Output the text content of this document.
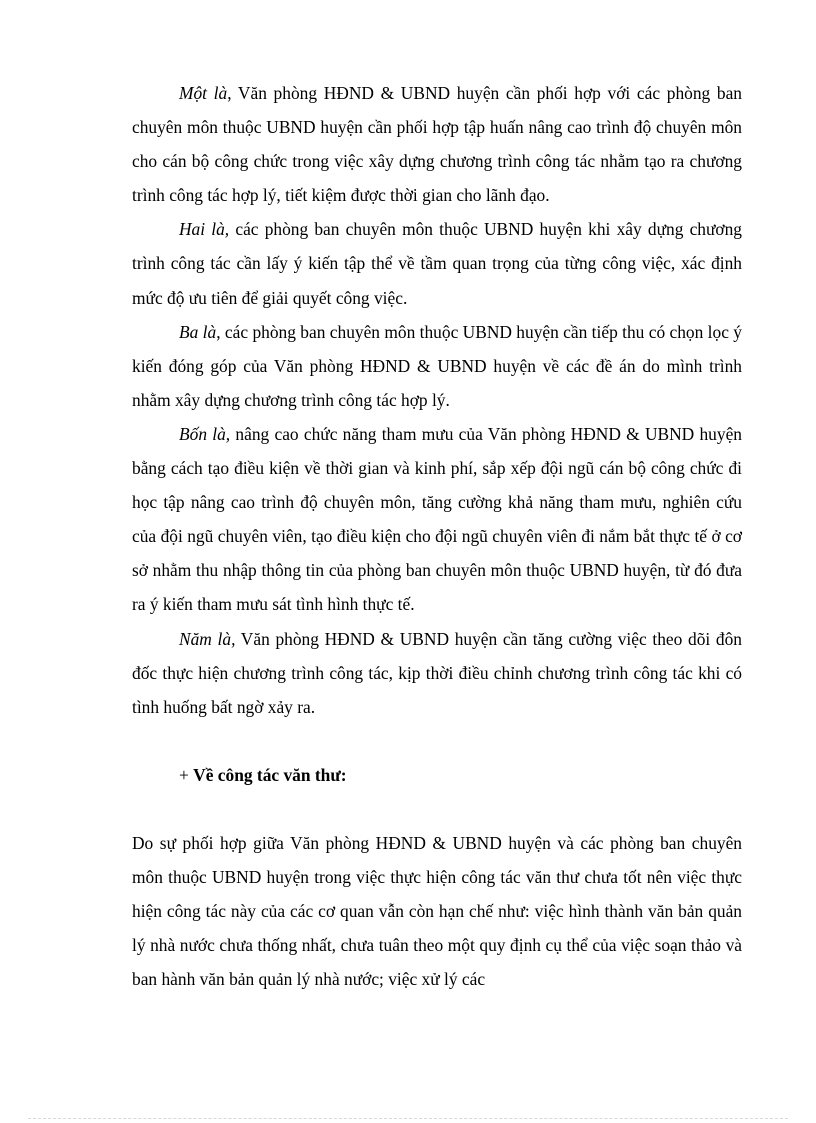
Một là, Văn phòng HĐND & UBND huyện cần phối hợp với các phòng ban chuyên môn thuộc UBND huyện cần phối hợp tập huấn nâng cao trình độ chuyên môn cho cán bộ công chức trong việc xây dựng chương trình công tác nhằm tạo ra chương trình công tác hợp lý, tiết kiệm được thời gian cho lãnh đạo.

Hai là, các phòng ban chuyên môn thuộc UBND huyện khi xây dựng chương trình công tác cần lấy ý kiến tập thể về tầm quan trọng của từng công việc, xác định mức độ ưu tiên để giải quyết công việc.

Ba là, các phòng ban chuyên môn thuộc UBND huyện cần tiếp thu có chọn lọc ý kiến đóng góp của Văn phòng HĐND & UBND huyện về các đề án do mình trình nhằm xây dựng chương trình công tác hợp lý.

Bốn là, nâng cao chức năng tham mưu của Văn phòng HĐND & UBND huyện bằng cách tạo điều kiện về thời gian và kinh phí, sắp xếp đội ngũ cán bộ công chức đi học tập nâng cao trình độ chuyên môn, tăng cường khả năng tham mưu, nghiên cứu của đội ngũ chuyên viên, tạo điều kiện cho đội ngũ chuyên viên đi nắm bắt thực tế ở cơ sở nhằm thu nhập thông tin của phòng ban chuyên môn thuộc UBND huyện, từ đó đưa ra ý kiến tham mưu sát tình hình thực tế.

Năm là, Văn phòng HĐND & UBND huyện cần tăng cường việc theo dõi đôn đốc thực hiện chương trình công tác, kịp thời điều chỉnh chương trình công tác khi có tình huống bất ngờ xảy ra.

+ Về công tác văn thư:

Do sự phối hợp giữa Văn phòng HĐND & UBND huyện và các phòng ban chuyên môn thuộc UBND huyện trong việc thực hiện công tác văn thư chưa tốt nên việc thực hiện công tác này của các cơ quan vẫn còn hạn chế như: việc hình thành văn bản quản lý nhà nước chưa thống nhất, chưa tuân theo một quy định cụ thể của việc soạn thảo và ban hành văn bản quản lý nhà nước; việc xử lý các
